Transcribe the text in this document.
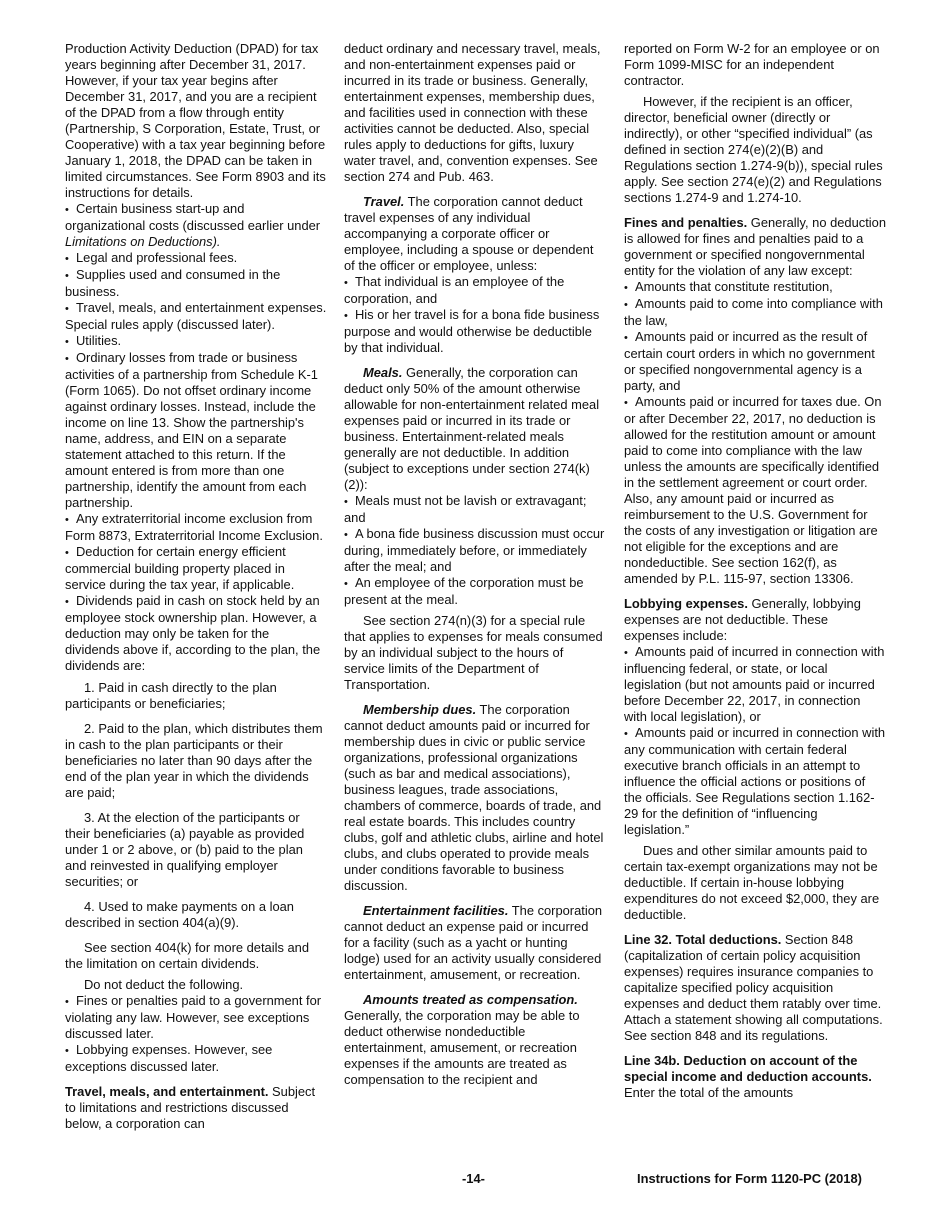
Production Activity Deduction (DPAD) for tax years beginning after December 31, 2017. However, if your tax year begins after December 31, 2017, and you are a recipient of the DPAD from a flow through entity (Partnership, S Corporation, Estate, Trust, or Cooperative) with a tax year beginning before January 1, 2018, the DPAD can be taken in limited circumstances. See Form 8903 and its instructions for details.

• Certain business start-up and organizational costs (discussed earlier under Limitations on Deductions).

• Legal and professional fees.

• Supplies used and consumed in the business.

• Travel, meals, and entertainment expenses. Special rules apply (discussed later).

• Utilities.

• Ordinary losses from trade or business activities of a partnership from Schedule K-1 (Form 1065). Do not offset ordinary income against ordinary losses. Instead, include the income on line 13. Show the partnership's name, address, and EIN on a separate statement attached to this return. If the amount entered is from more than one partnership, identify the amount from each partnership.

• Any extraterritorial income exclusion from Form 8873, Extraterritorial Income Exclusion.

• Deduction for certain energy efficient commercial building property placed in service during the tax year, if applicable.

• Dividends paid in cash on stock held by an employee stock ownership plan. However, a deduction may only be taken for the dividends above if, according to the plan, the dividends are:

1. Paid in cash directly to the plan participants or beneficiaries;

2. Paid to the plan, which distributes them in cash to the plan participants or their beneficiaries no later than 90 days after the end of the plan year in which the dividends are paid;

3. At the election of the participants or their beneficiaries (a) payable as provided under 1 or 2 above, or (b) paid to the plan and reinvested in qualifying employer securities; or

4. Used to make payments on a loan described in section 404(a)(9).

See section 404(k) for more details and the limitation on certain dividends.

Do not deduct the following.

• Fines or penalties paid to a government for violating any law. However, see exceptions discussed later.

• Lobbying expenses. However, see exceptions discussed later.

Travel, meals, and entertainment. Subject to limitations and restrictions discussed below, a corporation can

deduct ordinary and necessary travel, meals, and non-entertainment expenses paid or incurred in its trade or business. Generally, entertainment expenses, membership dues, and facilities used in connection with these activities cannot be deducted. Also, special rules apply to deductions for gifts, luxury water travel, and, convention expenses. See section 274 and Pub. 463.

Travel. The corporation cannot deduct travel expenses of any individual accompanying a corporate officer or employee, including a spouse or dependent of the officer or employee, unless:

• That individual is an employee of the corporation, and

• His or her travel is for a bona fide business purpose and would otherwise be deductible by that individual.

Meals. Generally, the corporation can deduct only 50% of the amount otherwise allowable for non-entertainment related meal expenses paid or incurred in its trade or business. Entertainment-related meals generally are not deductible. In addition (subject to exceptions under section 274(k)(2)):

• Meals must not be lavish or extravagant; and

• A bona fide business discussion must occur during, immediately before, or immediately after the meal; and

• An employee of the corporation must be present at the meal.

See section 274(n)(3) for a special rule that applies to expenses for meals consumed by an individual subject to the hours of service limits of the Department of Transportation.

Membership dues. The corporation cannot deduct amounts paid or incurred for membership dues in civic or public service organizations, professional organizations (such as bar and medical associations), business leagues, trade associations, chambers of commerce, boards of trade, and real estate boards. This includes country clubs, golf and athletic clubs, airline and hotel clubs, and clubs operated to provide meals under conditions favorable to business discussion.

Entertainment facilities. The corporation cannot deduct an expense paid or incurred for a facility (such as a yacht or hunting lodge) used for an activity usually considered entertainment, amusement, or recreation.

Amounts treated as compensation. Generally, the corporation may be able to deduct otherwise nondeductible entertainment, amusement, or recreation expenses if the amounts are treated as compensation to the recipient and

reported on Form W-2 for an employee or on Form 1099-MISC for an independent contractor.

However, if the recipient is an officer, director, beneficial owner (directly or indirectly), or other “specified individual” (as defined in section 274(e)(2)(B) and Regulations section 1.274-9(b)), special rules apply. See section 274(e)(2) and Regulations sections 1.274-9 and 1.274-10.

Fines and penalties. Generally, no deduction is allowed for fines and penalties paid to a government or specified nongovernmental entity for the violation of any law except:

• Amounts that constitute restitution,

• Amounts paid to come into compliance with the law,

• Amounts paid or incurred as the result of certain court orders in which no government or specified nongovernmental agency is a party, and

• Amounts paid or incurred for taxes due. On or after December 22, 2017, no deduction is allowed for the restitution amount or amount paid to come into compliance with the law unless the amounts are specifically identified in the settlement agreement or court order. Also, any amount paid or incurred as reimbursement to the U.S. Government for the costs of any investigation or litigation are not eligible for the exceptions and are nondeductible. See section 162(f), as amended by P.L. 115-97, section 13306.

Lobbying expenses. Generally, lobbying expenses are not deductible. These expenses include:

• Amounts paid of incurred in connection with influencing federal, or state, or local legislation (but not amounts paid or incurred before December 22, 2017, in connection with local legislation), or

• Amounts paid or incurred in connection with any communication with certain federal executive branch officials in an attempt to influence the official actions or positions of the officials. See Regulations section 1.162-29 for the definition of “influencing legislation.”

Dues and other similar amounts paid to certain tax-exempt organizations may not be deductible. If certain in-house lobbying expenditures do not exceed $2,000, they are deductible.

Line 32. Total deductions. Section 848 (capitalization of certain policy acquisition expenses) requires insurance companies to capitalize specified policy acquisition expenses and deduct them ratably over time. Attach a statement showing all computations. See section 848 and its regulations.

Line 34b. Deduction on account of the special income and deduction accounts. Enter the total of the amounts

-14-	Instructions for Form 1120-PC (2018)
